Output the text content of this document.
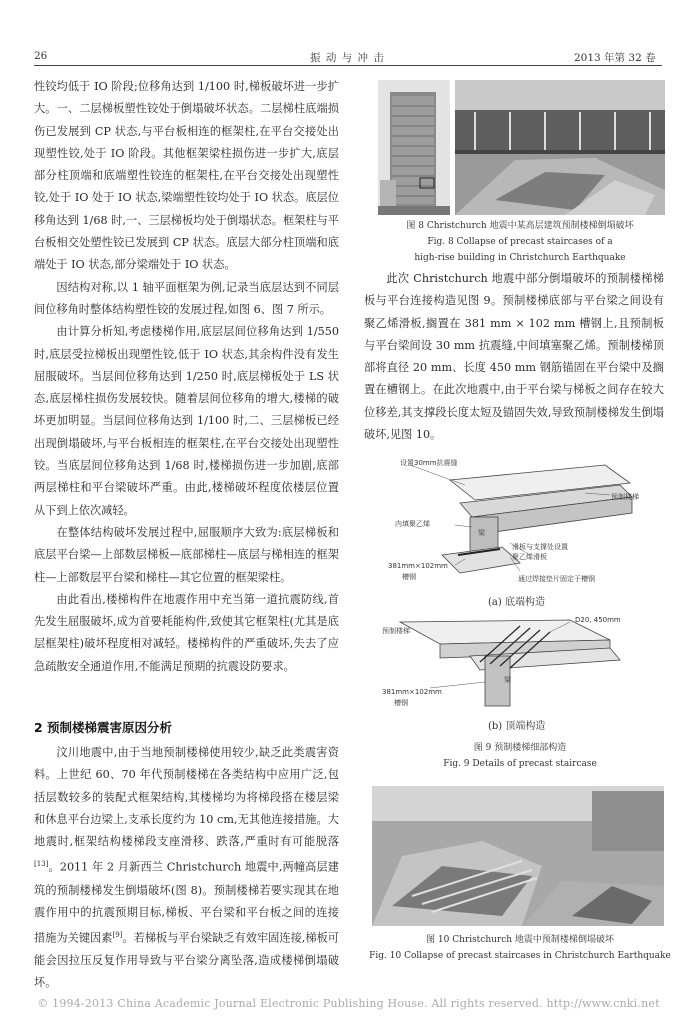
26	振 动 与 冲 击	2013 年第 32 卷

性铰均低于 IO 阶段;位移角达到 1/100 时,梯板破坏进一步扩大。一、二层梯板塑性铰处于倒塌破坏状态。二层梯柱底端损伤已发展到 CP 状态,与平台板相连的框架柱,在平台交接处出现塑性铰,处于 IO 阶段。其他框架梁柱损伤进一步扩大,底层部分柱顶端和底端塑性铰连的框架柱,在平台交接处出现塑性铰,处于 IO 处于 IO 状态,梁端塑性铰均处于 IO 状态。底层位移角达到 1/68 时,一、三层梯板均处于倒塌状态。框架柱与平台板相交处塑性铰已发展到 CP 状态。底层大部分柱顶端和底端处于 IO 状态,部分梁端处于 IO 状态。

因结构对称,以 1 轴平面框架为例,记录当底层达到不同层间位移角时整体结构塑性铰的发展过程,如图 6、图 7 所示。

由计算分析知,考虑楼梯作用,底层层间位移角达到 1/550 时,底层受拉梯板出现塑性铰,低于 IO 状态,其余构件没有发生屈服破坏。当层间位移角达到 1/250 时,底层梯板处于 LS 状态,底层梯柱损伤发展较快。随着层间位移角的增大,楼梯的破坏更加明显。当层间位移角达到 1/100 时,二、三层梯板已经出现倒塌破坏,与平台板相连的框架柱,在平台交接处出现塑性铰。当底层间位移角达到 1/68 时,楼梯损伤进一步加剧,底部两层梯柱和平台梁破坏严重。由此,楼梯破坏程度依楼层位置从下到上依次减轻。

在整体结构破坏发展过程中,屈服顺序大致为:底层梯板和底层平台梁—上部数层梯板—底部梯柱—底层与梯相连的框架柱—上部数层平台梁和梯柱—其它位置的框架梁柱。

由此看出,楼梯构件在地震作用中充当第一道抗震防线,首先发生屈服破坏,成为首要耗能构件,致使其它框架柱(尤其是底层框架柱)破坏程度相对减轻。楼梯构件的严重破坏,失去了应急疏散安全通道作用,不能满足预期的抗震设防要求。

2 预制楼梯震害原因分析

汶川地震中,由于当地预制楼梯使用较少,缺乏此类震害资料。上世纪 60、70 年代预制楼梯在各类结构中应用广泛,包括层数较多的装配式框架结构,其楼梯均为将梯段搭在楼层梁和休息平台边梁上,支承长度约为 10 cm,无其他连接措施。大地震时,框架结构楼梯段支座滑移、跌落,严重时有可能脱落[13]。2011 年 2 月新西兰 Christchurch 地震中,两幢高层建筑的预制楼梯发生倒塌破坏(图 8)。预制楼梯若要实现其在地震作用中的抗震预期目标,梯板、平台梁和平台板之间的连接措施为关键因素[9]。若梯板与平台梁缺乏有效牢固连接,梯板可能会因拉压反复作用导致与平台梁分离坠落,造成楼梯倒塌破坏。

图 8 Christchurch 地震中某高层建筑预制楼梯倒塌破坏
Fig. 8 Collapse of precast staircases of a
high-rise building in Christchurch Earthquake

此次 Christchurch 地震中部分倒塌破坏的预制楼梯梯板与平台连接构造见图 9。预制楼梯底部与平台梁之间设有聚乙烯滑板,搁置在 381 mm × 102 mm 槽钢上,且预制板与平台梁间设 30 mm 抗震缝,中间填塞聚乙烯。预制楼梯顶部将直径 20 mm、长度 450 mm 钢筋锚固在平台梁中及搁置在槽钢上。在此次地震中,由于平台梁与梯板之间存在较大位移差,其支撑段长度太短及锚固失效,导致预制楼梯发生倒塌破坏,见图 10。

设置30mm抗震缝
预制楼梯
内填聚乙烯
梁
滑板与支撑处设置
聚乙烯滑板
381mm×102mm
槽钢	通过焊接垫片固定于槽钢
(a) 底端构造
预制楼梯
D20, 450mm
梁
381mm×102mm
槽钢
(b) 顶端构造
图 9 预制楼梯细部构造
Fig. 9 Details of precast staircase
图 10 Christchurch 地震中预制楼梯倒塌破坏
Fig. 10 Collapse of precast staircases in Christchurch Earthquake
© 1994-2013 China Academic Journal Electronic Publishing House. All rights reserved. http://www.cnki.net
